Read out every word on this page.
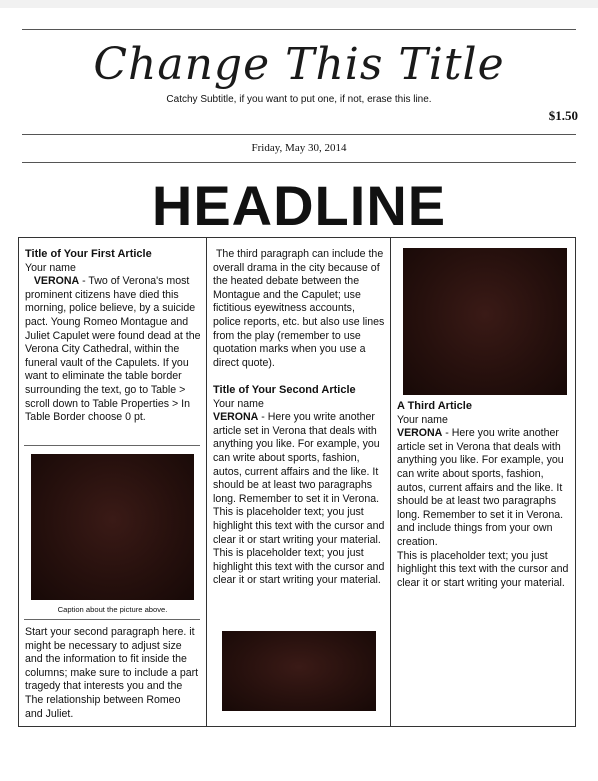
Change This Title
Catchy Subtitle, if you want to put one, if not, erase this line.
$1.50
Friday, May 30, 2014
HEADLINE
Title of Your First Article
Your name
VERONA - Two of Verona's most prominent citizens have died this morning, police believe, by a suicide pact. Young Romeo Montague and Juliet Capulet were found dead at the Verona City Cathedral, within the funeral vault of the Capulets. If you want to eliminate the table border surrounding the text, go to Table > scroll down to Table Properties > In Table Border choose 0 pt.
Caption about the picture above.
Start your second paragraph here. it might be necessary to adjust size and the information to fit inside the columns; make sure to include a part tragedy that interests you and the The relationship between Romeo and Juliet.
The third paragraph can include the overall drama in the city because of the heated debate between the Montague and the Capulet; use fictitious eyewitness accounts, police reports, etc. but also use lines from the play (remember to use quotation marks when you use a direct quote).
Title of Your Second Article
Your name
VERONA - Here you write another article set in Verona that deals with anything you like. For example, you can write about sports, fashion, autos, current affairs and the like. It should be at least two paragraphs long. Remember to set it in Verona.
This is placeholder text; you just highlight this text with the cursor and clear it or start writing your material.
This is placeholder text; you just highlight this text with the cursor and clear it or start writing your material.
A Third Article
Your name
VERONA - Here you write another article set in Verona that deals with anything you like. For example, you can write about sports, fashion, autos, current affairs and the like. It should be at least two paragraphs long. Remember to set it in Verona. and include things from your own creation.
This is placeholder text; you just highlight this text with the cursor and clear it or start writing your material.
